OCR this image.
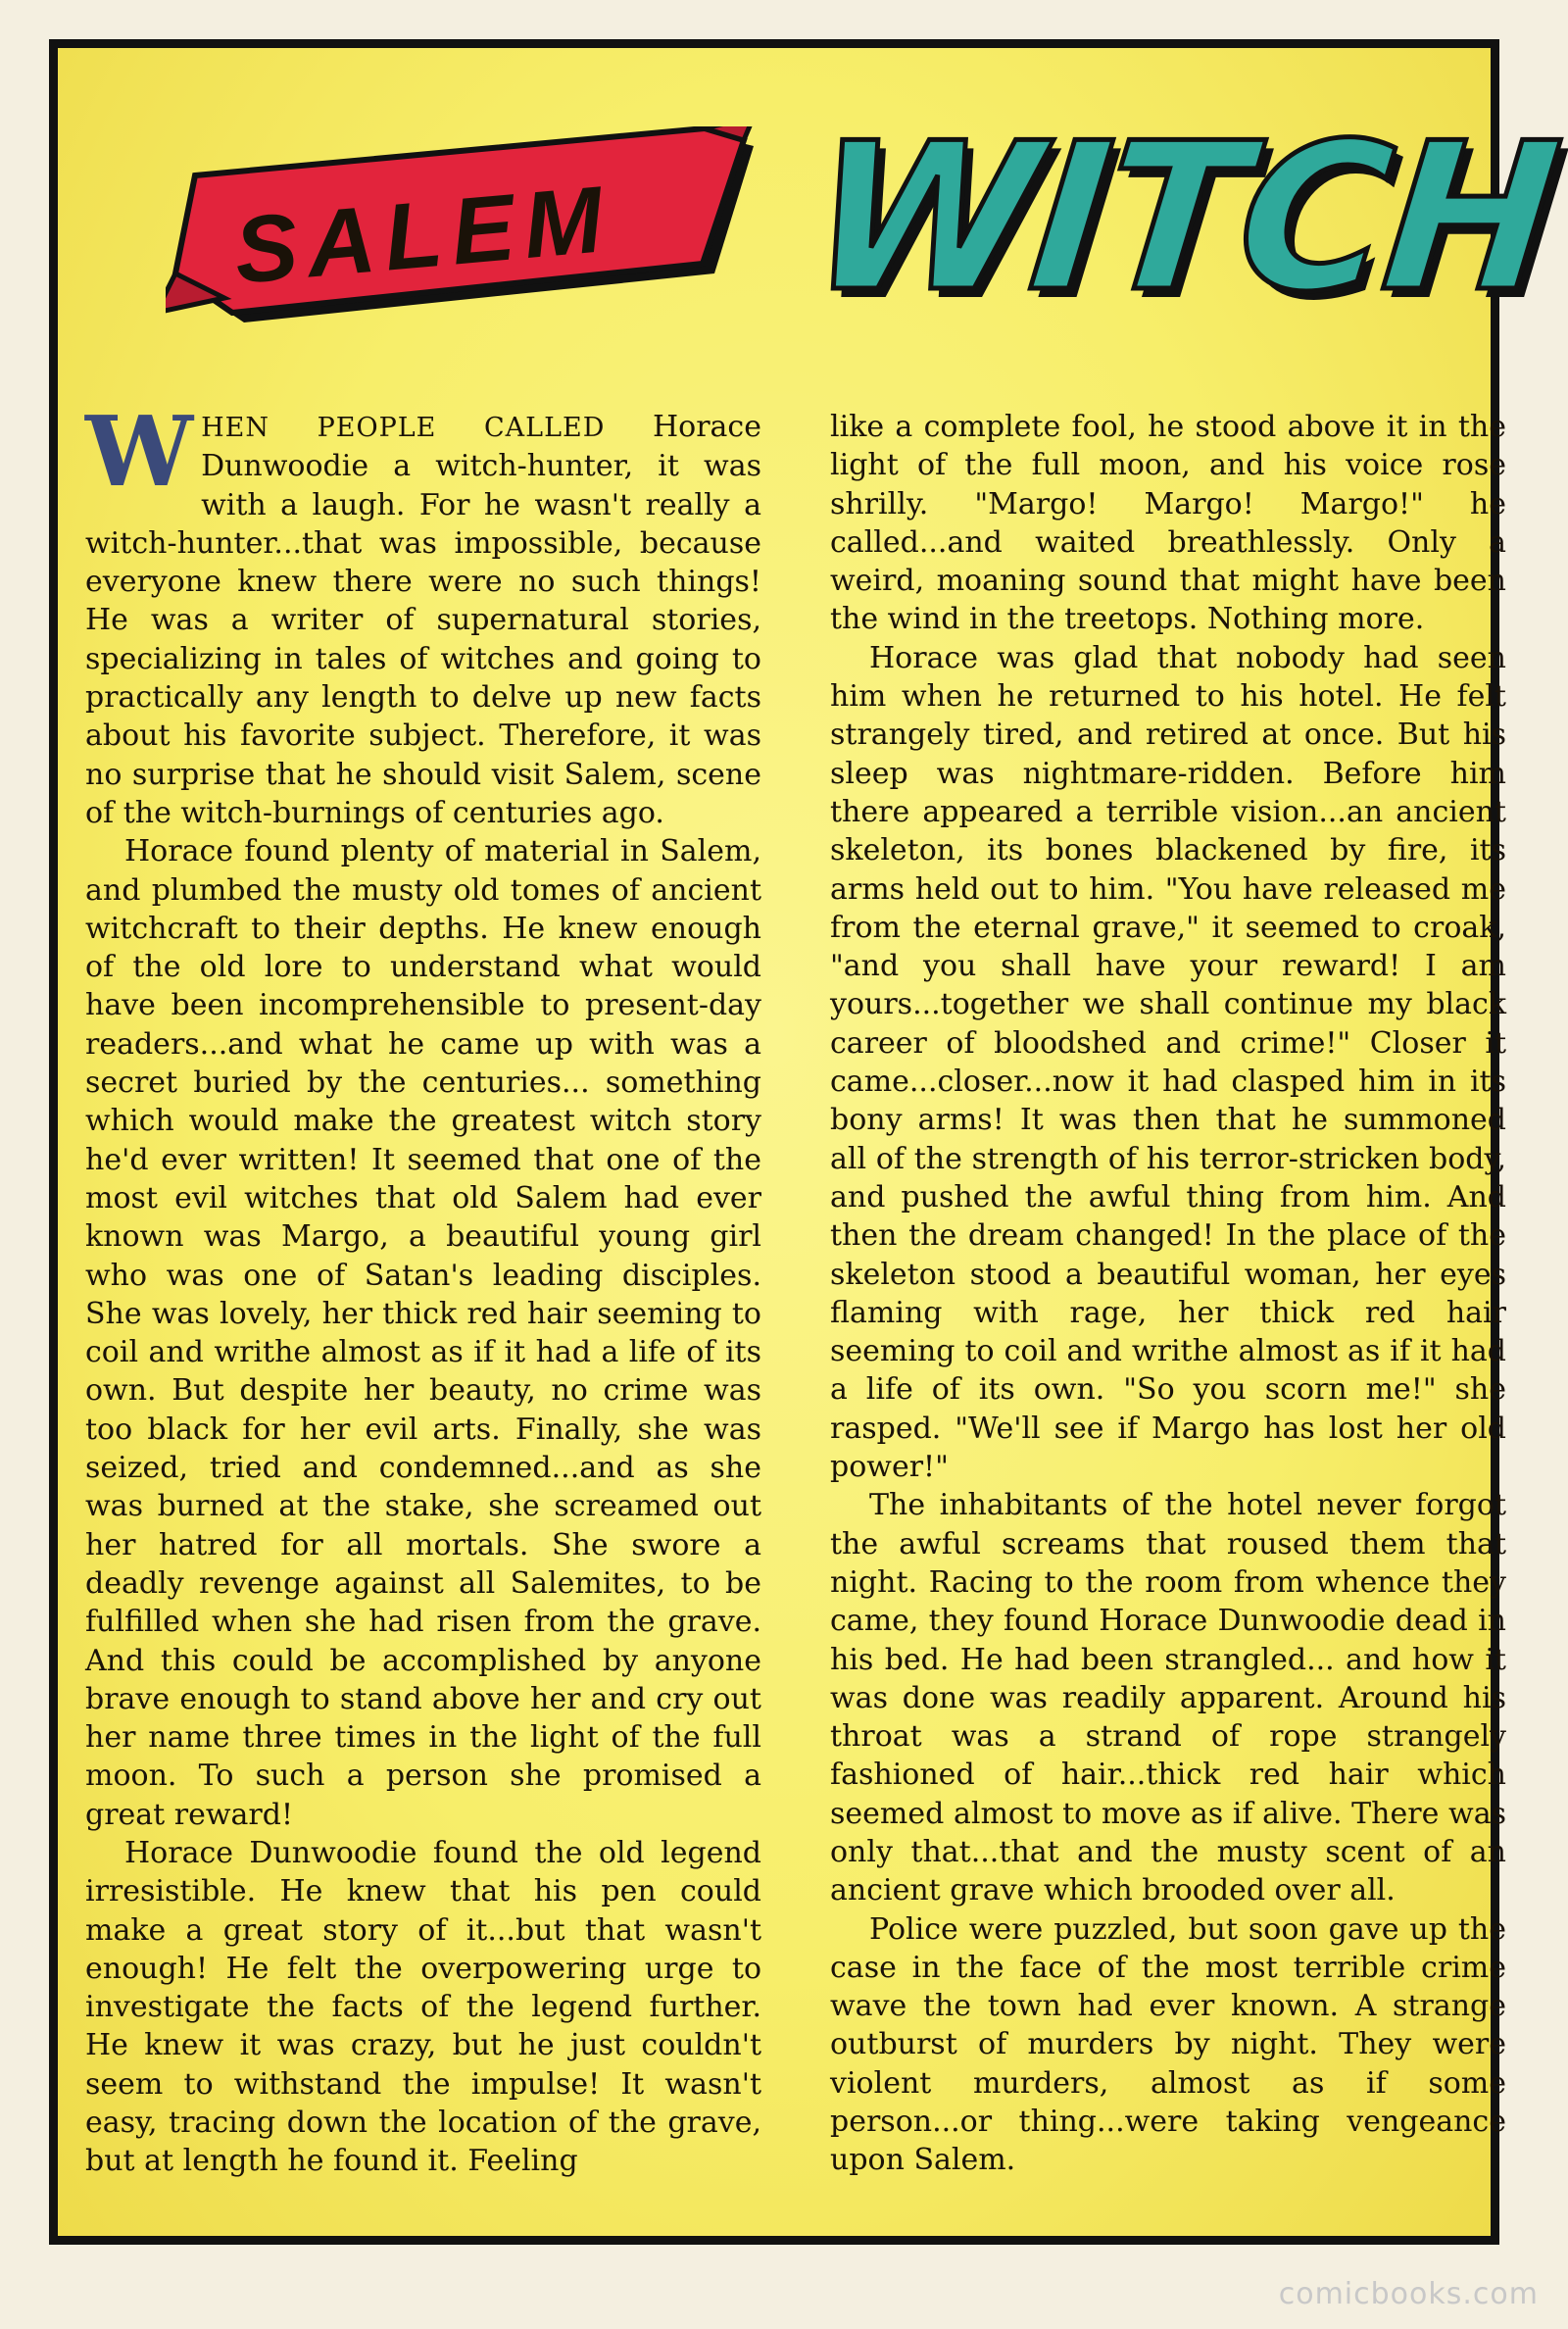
SALEM WITCH

WHEN PEOPLE CALLED Horace Dunwoodie a witch-hunter, it was with a laugh. For he wasn't really a witch-hunter...that was impossible, because everyone knew there were no such things! He was a writer of supernatural stories, specializing in tales of witches and going to practically any length to delve up new facts about his favorite subject. Therefore, it was no surprise that he should visit Salem, scene of the witch-burnings of centuries ago.

Horace found plenty of material in Salem, and plumbed the musty old tomes of ancient witchcraft to their depths. He knew enough of the old lore to understand what would have been incomprehensible to present-day readers...and what he came up with was a secret buried by the centuries... something which would make the greatest witch story he'd ever written! It seemed that one of the most evil witches that old Salem had ever known was Margo, a beautiful young girl who was one of Satan's leading disciples. She was lovely, her thick red hair seeming to coil and writhe almost as if it had a life of its own. But despite her beauty, no crime was too black for her evil arts. Finally, she was seized, tried and condemned...and as she was burned at the stake, she screamed out her hatred for all mortals. She swore a deadly revenge against all Salemites, to be fulfilled when she had risen from the grave. And this could be accomplished by anyone brave enough to stand above her and cry out her name three times in the light of the full moon. To such a person she promised a great reward!

Horace Dunwoodie found the old legend irresistible. He knew that his pen could make a great story of it...but that wasn't enough! He felt the overpowering urge to investigate the facts of the legend further. He knew it was crazy, but he just couldn't seem to withstand the impulse! It wasn't easy, tracing down the location of the grave, but at length he found it. Feeling

like a complete fool, he stood above it in the light of the full moon, and his voice rose shrilly. "Margo! Margo! Margo!" he called...and waited breathlessly. Only a weird, moaning sound that might have been the wind in the treetops. Nothing more.

Horace was glad that nobody had seen him when he returned to his hotel. He felt strangely tired, and retired at once. But his sleep was nightmare-ridden. Before him there appeared a terrible vision...an ancient skeleton, its bones blackened by fire, its arms held out to him. "You have released me from the eternal grave," it seemed to croak, "and you shall have your reward! I am yours...together we shall continue my black career of bloodshed and crime!" Closer it came...closer...now it had clasped him in its bony arms! It was then that he summoned all of the strength of his terror-stricken body, and pushed the awful thing from him. And then the dream changed! In the place of the skeleton stood a beautiful woman, her eyes flaming with rage, her thick red hair seeming to coil and writhe almost as if it had a life of its own. "So you scorn me!" she rasped. "We'll see if Margo has lost her old power!"

The inhabitants of the hotel never forgot the awful screams that roused them that night. Racing to the room from whence they came, they found Horace Dunwoodie dead in his bed. He had been strangled... and how it was done was readily apparent. Around his throat was a strand of rope strangely fashioned of hair...thick red hair which seemed almost to move as if alive. There was only that...that and the musty scent of an ancient grave which brooded over all.

Police were puzzled, but soon gave up the case in the face of the most terrible crime wave the town had ever known. A strange outburst of murders by night. They were violent murders, almost as if some person...or thing...were taking vengeance upon Salem.

comicbooks.com
